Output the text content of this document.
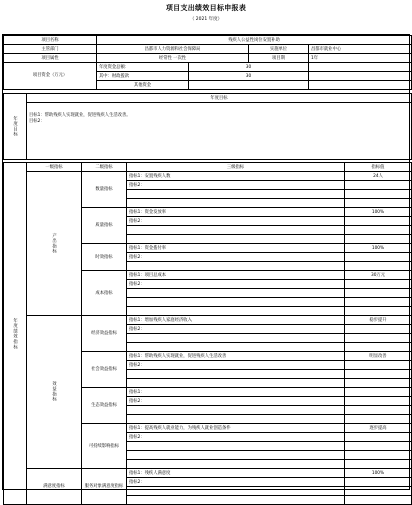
项目支出绩效目标申报表
（ 2021 年度）
项目名称		残疾人公益性岗位安置补助			
主管部门		昌都市人力资源和社会保障局		实施单位	昌都市就业中心
项目属性		经常性 一次性		项目期	1年
项目资金（万元）		年度资金总额：	30		
		其中：财政拨款	30		
		其他资金			

年度目标	年度目标				

	目标1：帮助残疾人实现就业，促进残疾人生活改善。
目标2：				
年度绩效指标	一级指标	二级指标	三级指标	指标值
	产出指标	数量指标	指标1：安置残疾人数	24人
			指标2：	

		质量指标	指标1：资金发放率	100%
			指标2：	

		时效指标	指标1：资金拨付率	100%
			指标2：	

		成本指标	指标1：项目总成本	30万元
			指标2：	

	效益指标	经济效益指标	指标1：增加残疾人家庭经济收入	稳步提升
			指标2：	

		社会效益指标	指标1：帮助残疾人实现就业，促进残疾人生活改善	明显改善
			指标2：	

		生态效益指标	指标1：	
			指标2：	

		可持续影响指标	指标1：提高残疾人就业能力，为残疾人就业创造条件	逐步提高
			指标2：	

	满意度指标	服务对象满意度指标	指标1：残疾人满意度	100%
			指标2：	
